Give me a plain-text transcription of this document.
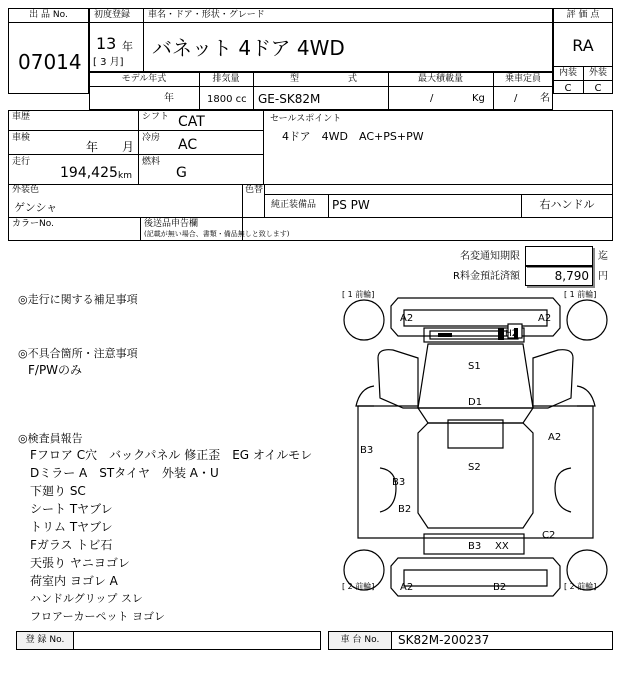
出 品 No.
07014
初度登録 車名・ドア・形状・グレード
13 年
[ 3 月]
バネット 4ドア 4WD
評 価 点
RA
内装	外装
C	C
モデル年式	排気量	型	式	最大積載量	乗車定員
年	1800 cc GE-SK82M	/	Kg	/ 名
車歴
車検
年 月
走行
194,425 km
シフト CAT
冷房 AC
燃料
G
セールスポイント
4ドア　4WD　AC+PS+PW
外装色
ゲンシャ
色替
純正装備品 PS PW	右ハンドル
カラーNo.	後送品申告欄
(記載が無い場合、書類・備品無しと致します)
名変通知期限	迄
R料金預託済額	8,790 円
◎走行に関する補足事項
◎不具合箇所・注意事項
F/PWのみ
◎検査員報告
Fフロア C穴　バックパネル 修正歪　EG オイルモレ
Dミラー A　STタイヤ　外装 A・U
下廻り SC
シート Tヤブレ
トリム Tヤブレ
Fガラス トビ石
天張り ヤニヨゴレ
荷室内 ヨゴレ A
ハンドルグリップ スレ
フロアーカーペット ヨゴレ
[ 1 前輪]	[ 1 前輪]
[ 2 前輪]	[ 2 前輪]
A2	A2
H2
S1
D1
B3
B3
A2
S2
B2
C2
B3 XX
A2	B2
登 録 No.	車 台 No.	SK82M-200237
